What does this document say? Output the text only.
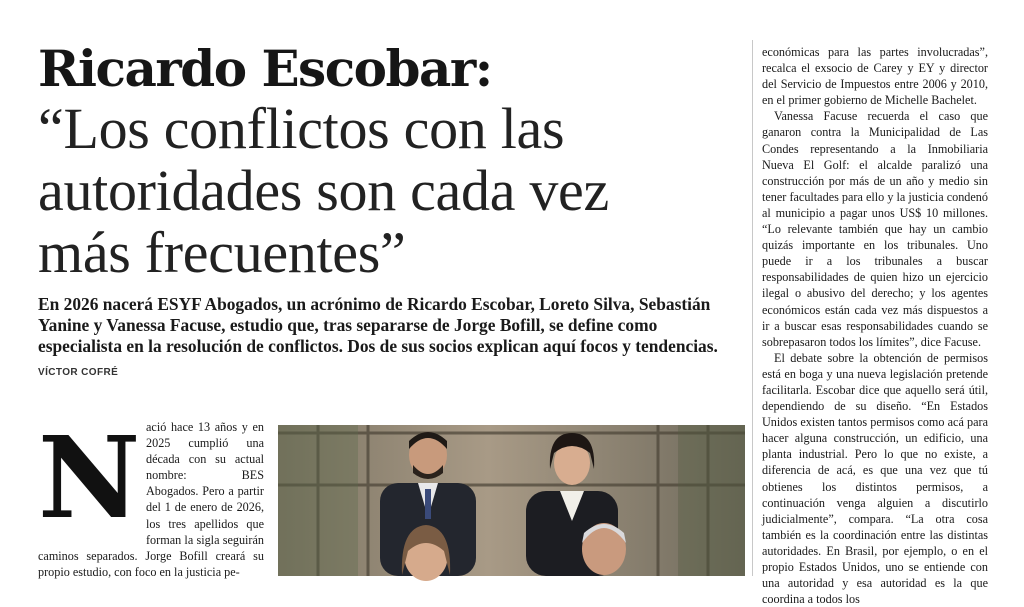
Ricardo Escobar:
“Los conflictos con las autoridades son cada vez más frecuentes”

En 2026 nacerá ESYF Abogados, un acrónimo de Ricardo Escobar, Loreto Silva, Sebastián Yanine y Vanessa Facuse, estudio que, tras separarse de Jorge Bofill, se define como especialista en la resolución de conflictos. Dos de sus socios explican aquí focos y tendencias.

VÍCTOR COFRÉ

N ació hace 13 años y en 2025 cumplió una década con su actual nombre: BES Abogados. Pero a partir del 1 de enero de 2026, los tres apellidos que forman la sigla seguirán caminos separados. Jorge Bofill creará su propio estudio, con foco en la justicia pe-

económicas para las partes involucradas”, recalca el exsocio de Carey y EY y director del Servicio de Impuestos entre 2006 y 2010, en el primer gobierno de Michelle Bachelet.

Vanessa Facuse recuerda el caso que ganaron contra la Municipalidad de Las Condes representando a la Inmobiliaria Nueva El Golf: el alcalde paralizó una construcción por más de un año y medio sin tener facultades para ello y la justicia condenó al municipio a pagar unos US$ 10 millones. “Lo relevante también que hay un cambio quizás importante en los tribunales. Uno puede ir a los tribunales a buscar responsabilidades de quien hizo un ejercicio ilegal o abusivo del derecho; y los agentes económicos están cada vez más dispuestos a ir a buscar esas responsabilidades cuando se sobrepasaron todos los límites”, dice Facuse.

El debate sobre la obtención de permisos está en boga y una nueva legislación pretende facilitarla. Escobar dice que aquello será útil, dependiendo de su diseño. “En Estados Unidos existen tantos permisos como acá para hacer alguna construcción, un edificio, una planta industrial. Pero lo que no existe, a diferencia de acá, es que una vez que tú obtienes los distintos permisos, a continuación venga alguien a discutirlo judicialmente”, compara. “La otra cosa también es la coordinación entre las distintas autoridades. En Brasil, por ejemplo, o en el propio Estados Unidos, uno se entiende con una autoridad y esa autoridad es la que coordina a todos los
